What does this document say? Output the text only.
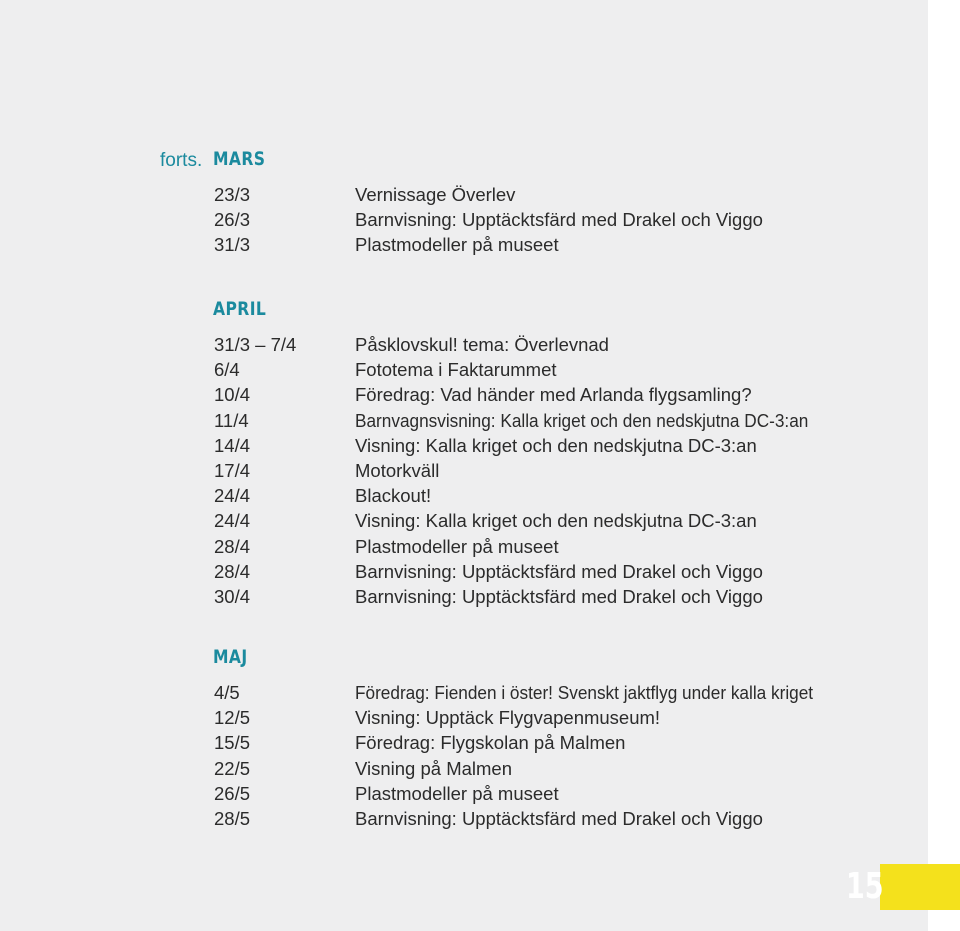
forts. MARS
23/3	Vernissage Överlev
26/3	Barnvisning: Upptäcktsfärd med Drakel och Viggo
31/3	Plastmodeller på museet
APRIL
31/3 – 7/4	Påsklovskul! tema: Överlevnad
6/4	Fototema i Faktarummet
10/4	Föredrag: Vad händer med Arlanda flygsamling?
11/4	Barnvagnsvisning: Kalla kriget och den nedskjutna DC-3:an
14/4	Visning: Kalla kriget och den nedskjutna DC-3:an
17/4	Motorkväll
24/4	Blackout!
24/4	Visning: Kalla kriget och den nedskjutna DC-3:an
28/4	Plastmodeller på museet
28/4	Barnvisning: Upptäcktsfärd med Drakel och Viggo
30/4	Barnvisning: Upptäcktsfärd med Drakel och Viggo
MAJ
4/5	Föredrag: Fienden i öster! Svenskt jaktflyg under kalla kriget
12/5	Visning: Upptäck Flygvapenmuseum!
15/5	Föredrag: Flygskolan på Malmen
22/5	Visning på Malmen
26/5	Plastmodeller på museet
28/5	Barnvisning: Upptäcktsfärd med Drakel och Viggo
15
